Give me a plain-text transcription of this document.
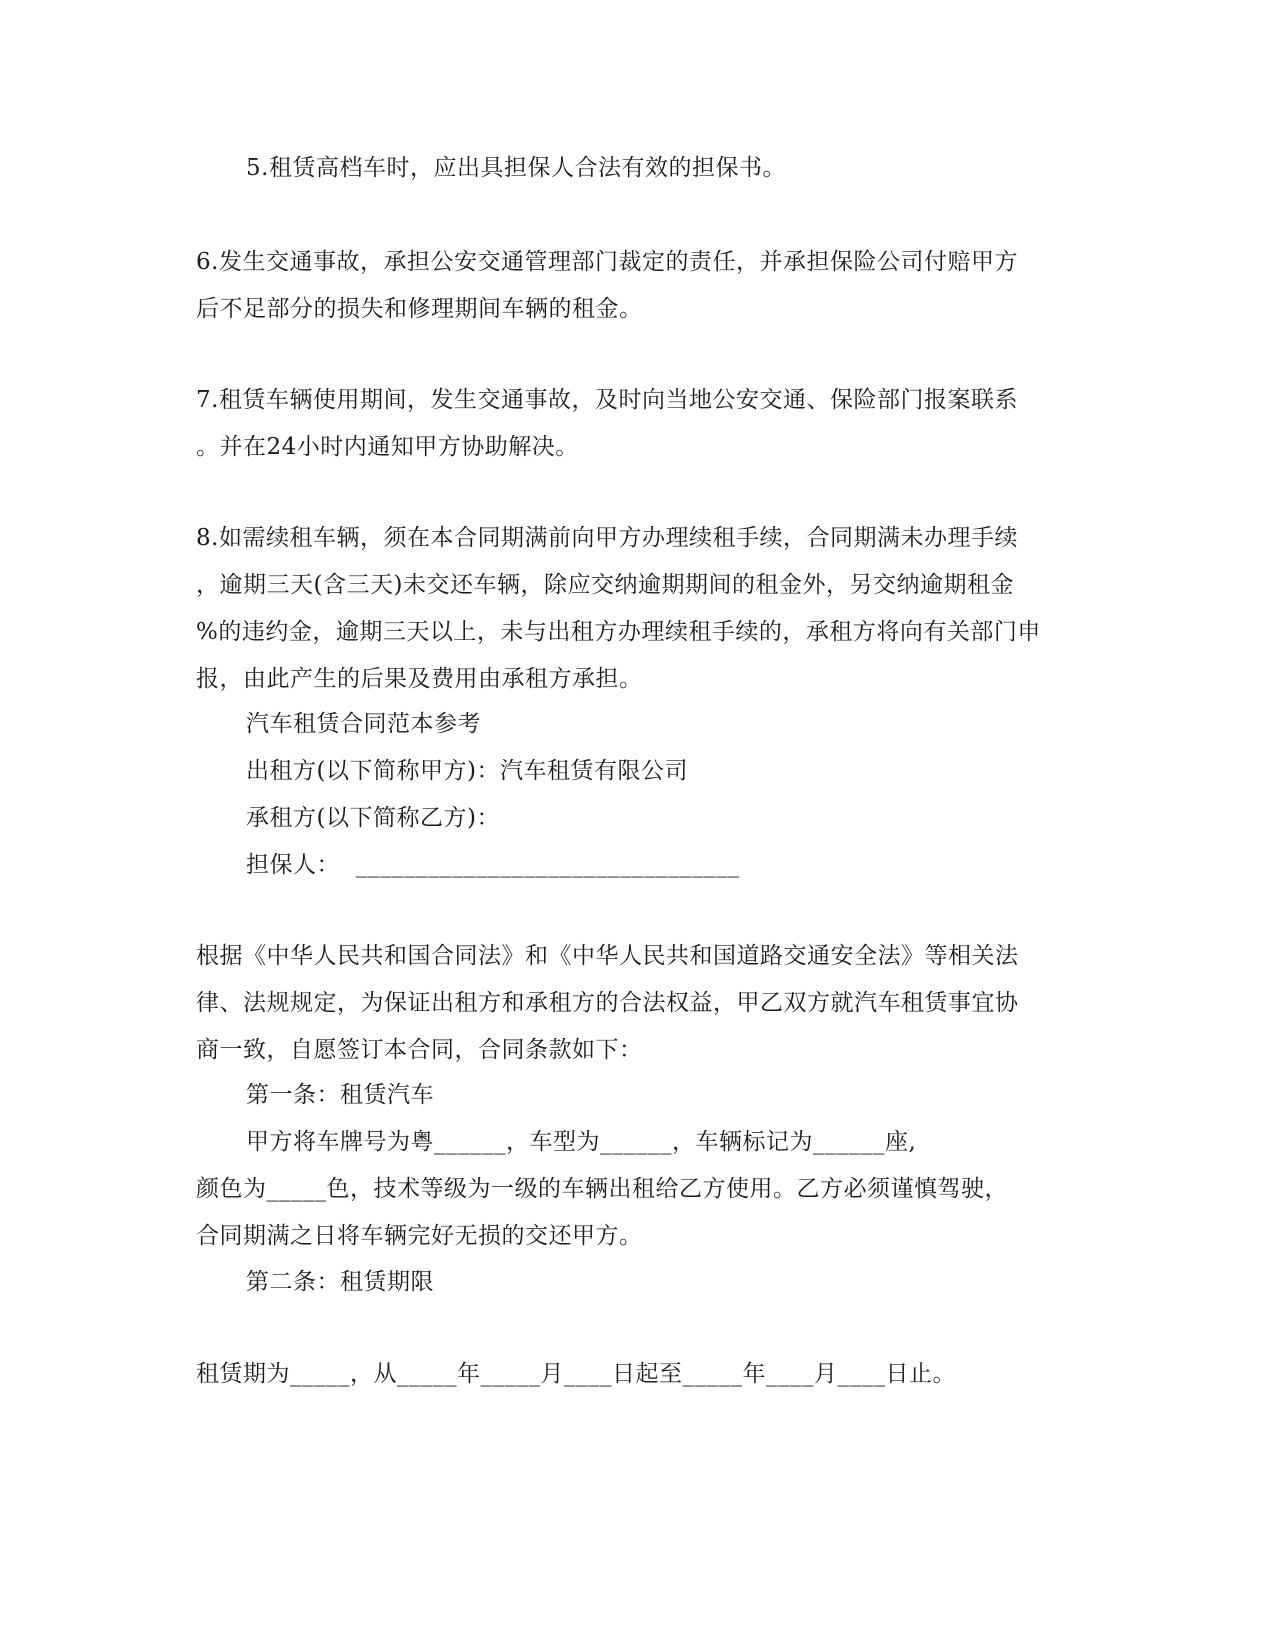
5.租赁高档车时，应出具担保人合法有效的担保书。

6.发生交通事故，承担公安交通管理部门裁定的责任，并承担保险公司付赔甲方

后不足部分的损失和修理期间车辆的租金。

7.租赁车辆使用期间，发生交通事故，及时向当地公安交通、保险部门报案联系

。并在24小时内通知甲方协助解决。

8.如需续租车辆，须在本合同期满前向甲方办理续租手续，合同期满未办理手续

，逾期三天(含三天)未交还车辆，除应交纳逾期期间的租金外，另交纳逾期租金

%的违约金，逾期三天以上，未与出租方办理续租手续的，承租方将向有关部门申

报，由此产生的后果及费用由承租方承担。

汽车租赁合同范本参考

出租方(以下简称甲方)：汽车租赁有限公司

承租方(以下简称乙方)：

担保人：  ________________________________

根据《中华人民共和国合同法》和《中华人民共和国道路交通安全法》等相关法

律、法规规定，为保证出租方和承租方的合法权益，甲乙双方就汽车租赁事宜协

商一致，自愿签订本合同，合同条款如下：

第一条：租赁汽车

甲方将车牌号为粤______，车型为______，车辆标记为______座,

颜色为_____色，技术等级为一级的车辆出租给乙方使用。乙方必须谨慎驾驶，

合同期满之日将车辆完好无损的交还甲方。

第二条：租赁期限

租赁期为_____，从_____年_____月____日起至_____年____月____日止。
